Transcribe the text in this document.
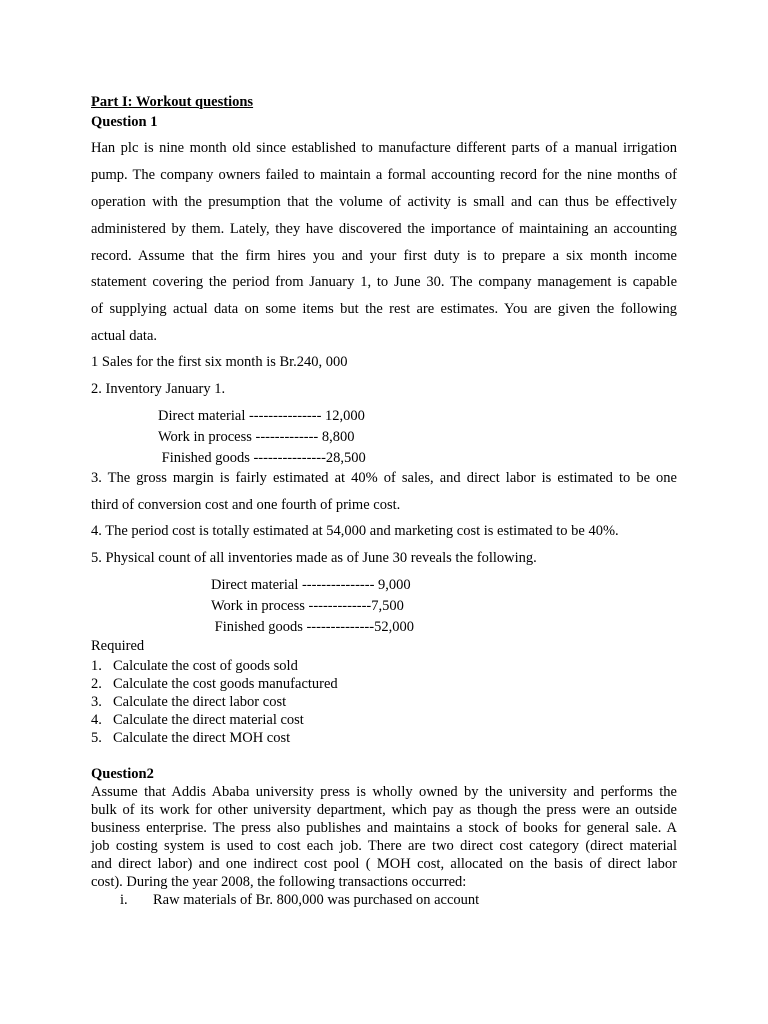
Part I: Workout questions
Question 1
Han plc is nine month old since established to manufacture different parts of a manual irrigation
pump. The company owners failed to maintain a formal accounting record for the nine months of
operation with the presumption that the volume of activity is small and can thus be effectively
administered by them. Lately, they have discovered the importance of maintaining an accounting
record. Assume that the firm hires you and your first duty is to prepare a six month income
statement covering the period from January 1, to June 30. The company management is capable
of supplying actual data on some items but the rest are estimates. You are given the following
actual data.
1 Sales for the first six month is Br.240, 000
2. Inventory January 1.
Direct material --------------- 12,000
Work in process ------------- 8,800
Finished goods ---------------28,500
3. The gross margin is fairly estimated at 40% of sales, and direct labor is estimated to be one
third of conversion cost and one fourth of prime cost.
4. The period cost is totally estimated at 54,000 and marketing cost is estimated to be 40%.
5. Physical count of all inventories made as of June 30 reveals the following.
Direct material --------------- 9,000
Work in process -------------7,500
Finished goods --------------52,000
Required
1. Calculate the cost of goods sold
2. Calculate the cost goods manufactured
3. Calculate the direct labor cost
4. Calculate the direct material cost
5. Calculate the direct MOH cost
Question2
Assume that Addis Ababa university press is wholly owned by the university and performs the
bulk of its work for other university department, which pay as though the press were an outside
business enterprise. The press also publishes and maintains a stock of books for general sale. A
job costing system is used to cost each job. There are two direct cost category (direct material
and direct labor) and one indirect cost pool ( MOH cost, allocated on the basis of direct labor
cost). During the year 2008, the following transactions occurred:
i. Raw materials of Br. 800,000 was purchased on account
